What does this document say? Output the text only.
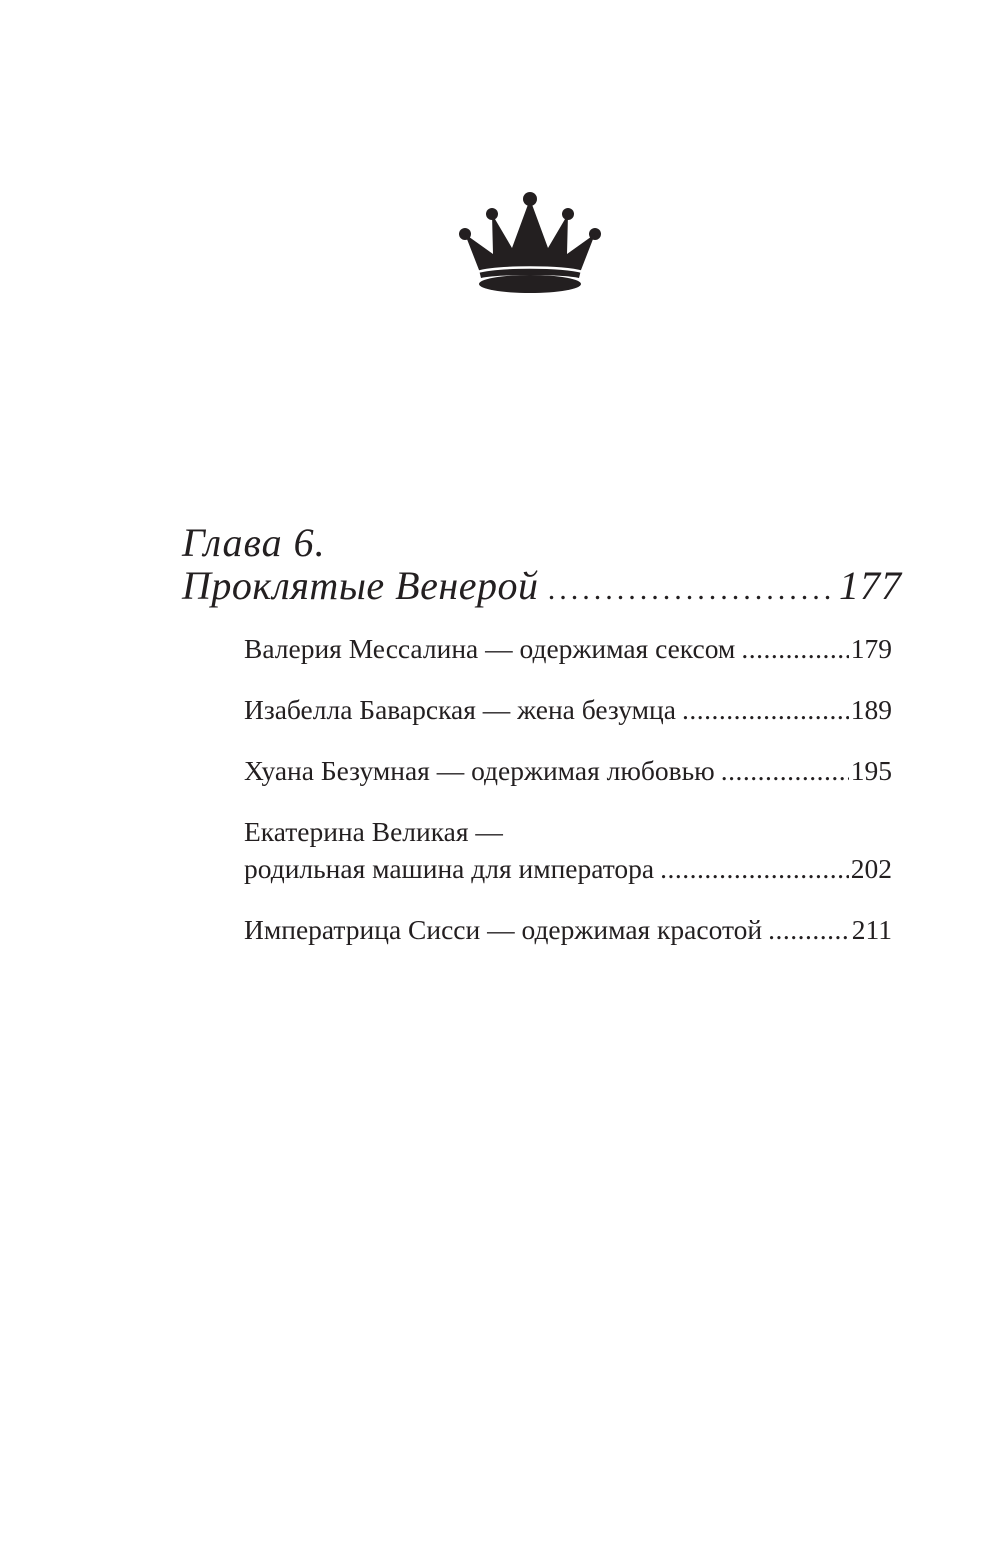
Глава 6.
Проклятые Венерой .....	177
Валерия Мессалина — одержимая сексом .....	179
Изабелла Баварская — жена безумца .....	189
Хуана Безумная — одержимая любовью .....	195
Екатерина Великая —
родильная машина для императора .....	202
Императрица Сисси — одержимая красотой .....	211
